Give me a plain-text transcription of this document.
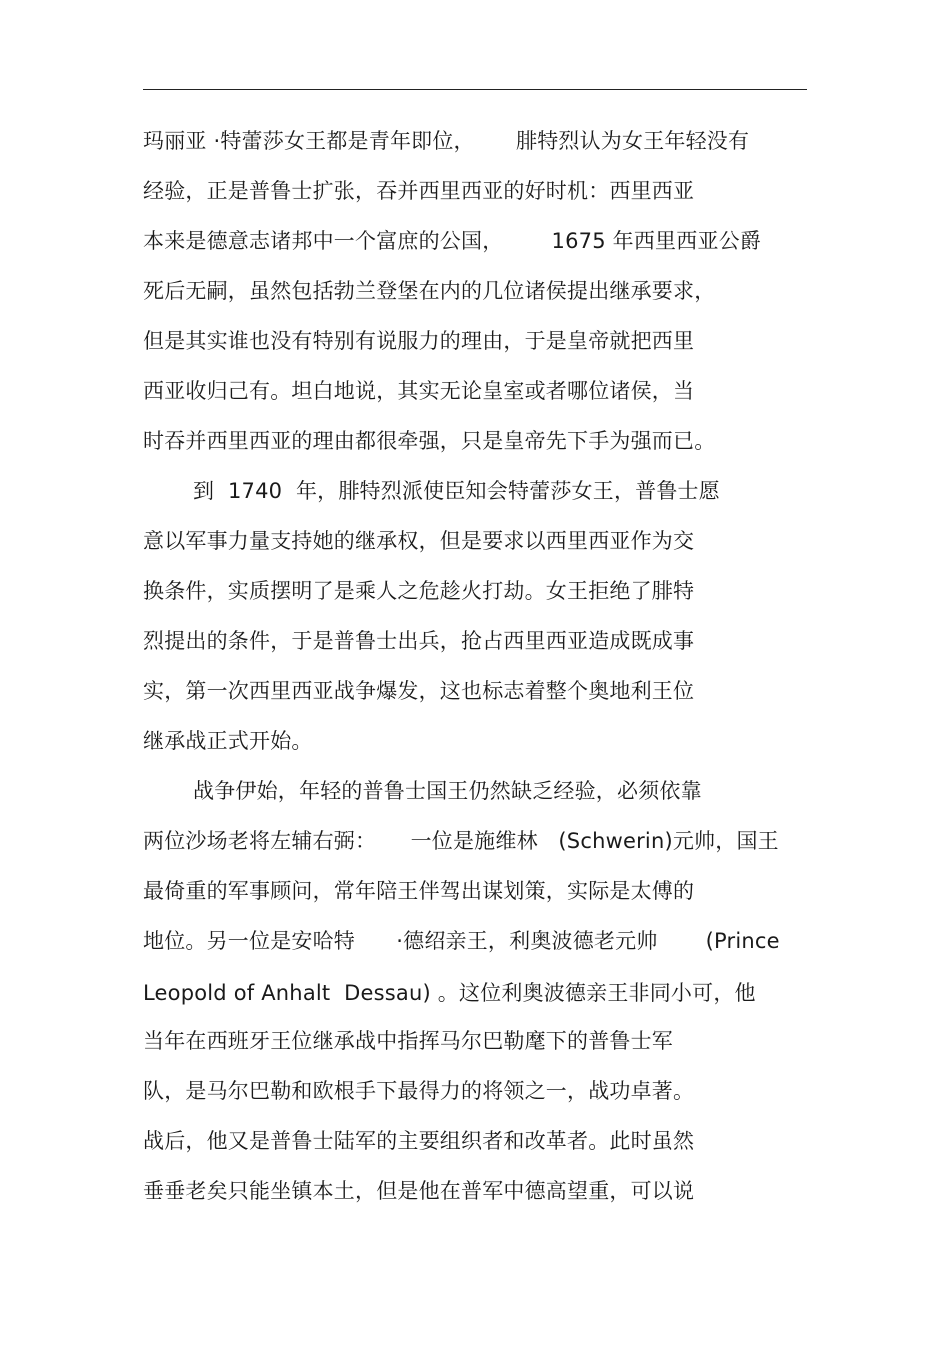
玛丽亚 ·特蕾莎女王都是青年即位，      腓特烈认为女王年轻没有
经验，正是普鲁士扩张，吞并西里西亚的好时机：西里西亚
本来是德意志诸邦中一个富庶的公国，       1675 年西里西亚公爵
死后无嗣，虽然包括勃兰登堡在内的几位诸侯提出继承要求，
但是其实谁也没有特别有说服力的理由，于是皇帝就把西里
西亚收归己有。坦白地说，其实无论皇室或者哪位诸侯，当
时吞并西里西亚的理由都很牵强，只是皇帝先下手为强而已。
到  1740  年，腓特烈派使臣知会特蕾莎女王，普鲁士愿
意以军事力量支持她的继承权，但是要求以西里西亚作为交
换条件，实质摆明了是乘人之危趁火打劫。女王拒绝了腓特
烈提出的条件，于是普鲁士出兵，抢占西里西亚造成既成事
实，第一次西里西亚战争爆发，这也标志着整个奥地利王位
继承战正式开始。
战争伊始，年轻的普鲁士国王仍然缺乏经验，必须依靠
两位沙场老将左辅右弼：     一位是施维林   (Schwerin)元帅，国王
最倚重的军事顾问，常年陪王伴驾出谋划策，实际是太傅的
地位。另一位是安哈特      ·德绍亲王，利奥波德老元帅       (Prince
Leopold of Anhalt  Dessau) 。这位利奥波德亲王非同小可，他
当年在西班牙王位继承战中指挥马尔巴勒麾下的普鲁士军
队，是马尔巴勒和欧根手下最得力的将领之一，战功卓著。
战后，他又是普鲁士陆军的主要组织者和改革者。此时虽然
垂垂老矣只能坐镇本土，但是他在普军中德高望重，可以说
